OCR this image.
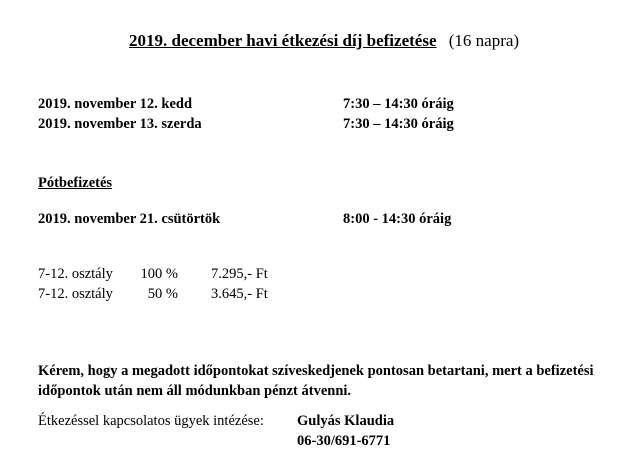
2019. december havi étkezési díj befizetése (16 napra)
2019. november 12. kedd	7:30 – 14:30 óráig
2019. november 13. szerda	7:30 – 14:30 óráig
Pótbefizetés
2019. november 21. csütörtök	8:00 - 14:30 óráig
7-12. osztály	100 % 7.295,- Ft
7-12. osztály	50 % 3.645,- Ft
Kérem, hogy a megadott időpontokat szíveskedjenek pontosan betartani, mert a befizetési időpontok után nem áll módunkban pénzt átvenni.
Étkezéssel kapcsolatos ügyek intézése: Gulyás Klaudia
06-30/691-6771
